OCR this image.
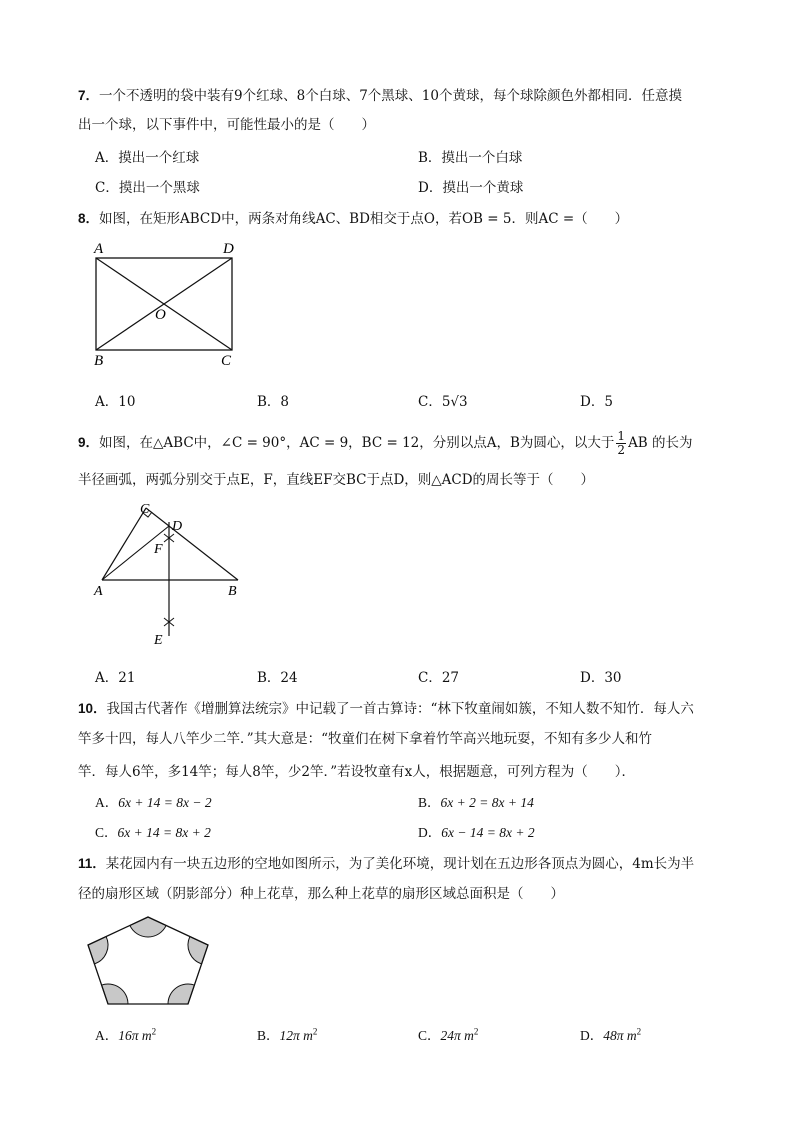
7．一个不透明的袋中装有9个红球、8个白球、7个黑球、10个黄球，每个球除颜色外都相同．任意摸
出一个球，以下事件中，可能性最小的是（　　）
A．摸出一个红球	B．摸出一个白球
C．摸出一个黑球	D．摸出一个黄球
8．如图，在矩形ABCD中，两条对角线AC、BD相交于点O，若OB = 5．则AC =（　　）
A	D
O
B	C
A．10	B．8	C．5√3	D．5
9．如图，在△ABC中，∠C = 90°，AC = 9，BC = 12，分别以点A，B为圆心，以大于 $\frac{1}{2}$ AB 的长为
半径画弧，两弧分别交于点E，F，直线EF交BC于点D，则△ACD的周长等于（　　）
C
D
F
A	B
E
A．21	B．24	C．27	D．30
10．我国古代著作《增删算法统宗》中记载了一首古算诗：“林下牧童闹如簇，不知人数不知竹．每人六
竿多十四，每人八竿少二竿．”其大意是：“牧童们在树下拿着竹竿高兴地玩耍，不知有多少人和竹
竿．每人6竿，多14竿；每人8竿，少2竿．”若设牧童有x人，根据题意，可列方程为（　　）．
A．6x + 14 = 8x − 2	B．6x + 2 = 8x + 14
C．6x + 14 = 8x + 2	D．6x − 14 = 8x + 2
11．某花园内有一块五边形的空地如图所示，为了美化环境，现计划在五边形各顶点为圆心，4m长为半
径的扇形区域（阴影部分）种上花草，那么种上花草的扇形区域总面积是（　　）
A．16π $m^2$	B．12π $m^2$	C．24π $m^2$	D．48π $m^2$
